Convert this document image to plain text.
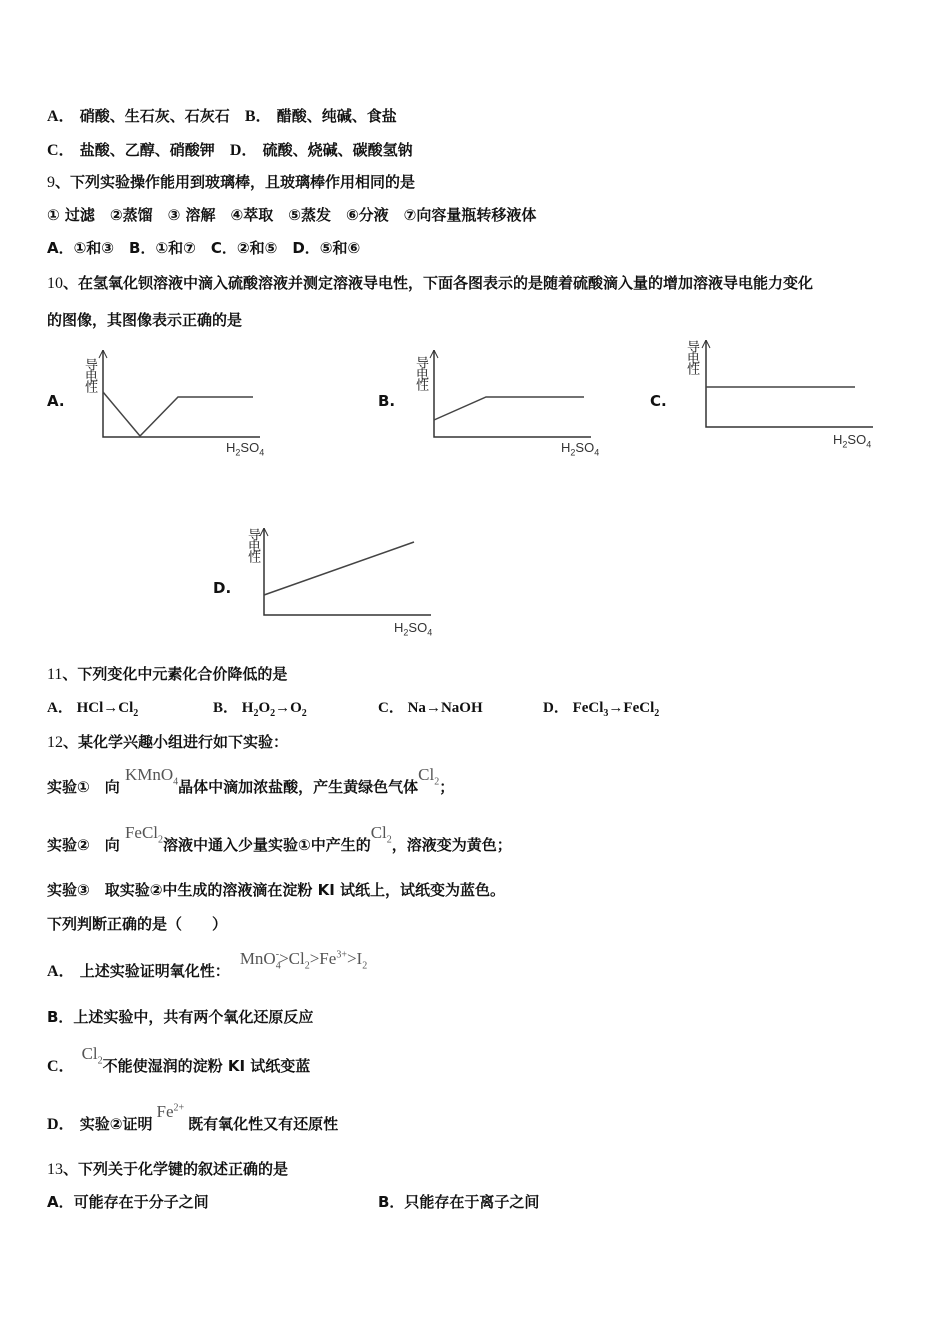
A． 硝酸、生石灰、石灰石　 B． 醋酸、纯碱、食盐
C． 盐酸、乙醇、硝酸钾　 D． 硫酸、烧碱、碳酸氢钠
9、下列实验操作能用到玻璃棒，且玻璃棒作用相同的是
① 过滤　②蒸馏　③ 溶解　④萃取　⑤蒸发　⑥分液　⑦向容量瓶转移液体
A．①和③　 B．①和⑦　 C．②和⑤　 D．⑤和⑥
10、在氢氧化钡溶液中滴入硫酸溶液并测定溶液导电性，下面各图表示的是随着硫酸滴入量的增加溶液导电能力变化
的图像，其图像表示正确的是
A.
导电性
$H_2SO_4$
B.
导电性
$H_2SO_4$
C.
导电性
$H_2SO_4$
D.
导电性
$H_2SO_4$
11、下列变化中元素化合价降低的是
A． $HCl\to Cl_2$	B． $H_2O_2\to O_2$	C． Na→NaOH	D． FeCl$_3$→FeCl$_2$
12、某化学兴趣小组进行如下实验：
实验①　向 KMnO$_4$晶体中滴加浓盐酸，产生黄绿色气体$Cl_2$；
实验②　向 FeCl$_2$溶液中通入少量实验①中产生的$Cl_2$，溶液变为黄色；
实验③　取实验②中生成的溶液滴在淀粉 KI 试纸上，试纸变为蓝色。
下列判断正确的是（　　）
A． 上述实验证明氧化性：$MnO_4^->Cl_2>Fe^{3+}>I_2$
B．上述实验中，共有两个氧化还原反应
C．　$Cl_2$不能使湿润的淀粉 KI 试纸变蓝
D． 实验②证明$Fe^{2+}$既有氧化性又有还原性
13、下列关于化学键的叙述正确的是
A．可能存在于分子之间	B．只能存在于离子之间
